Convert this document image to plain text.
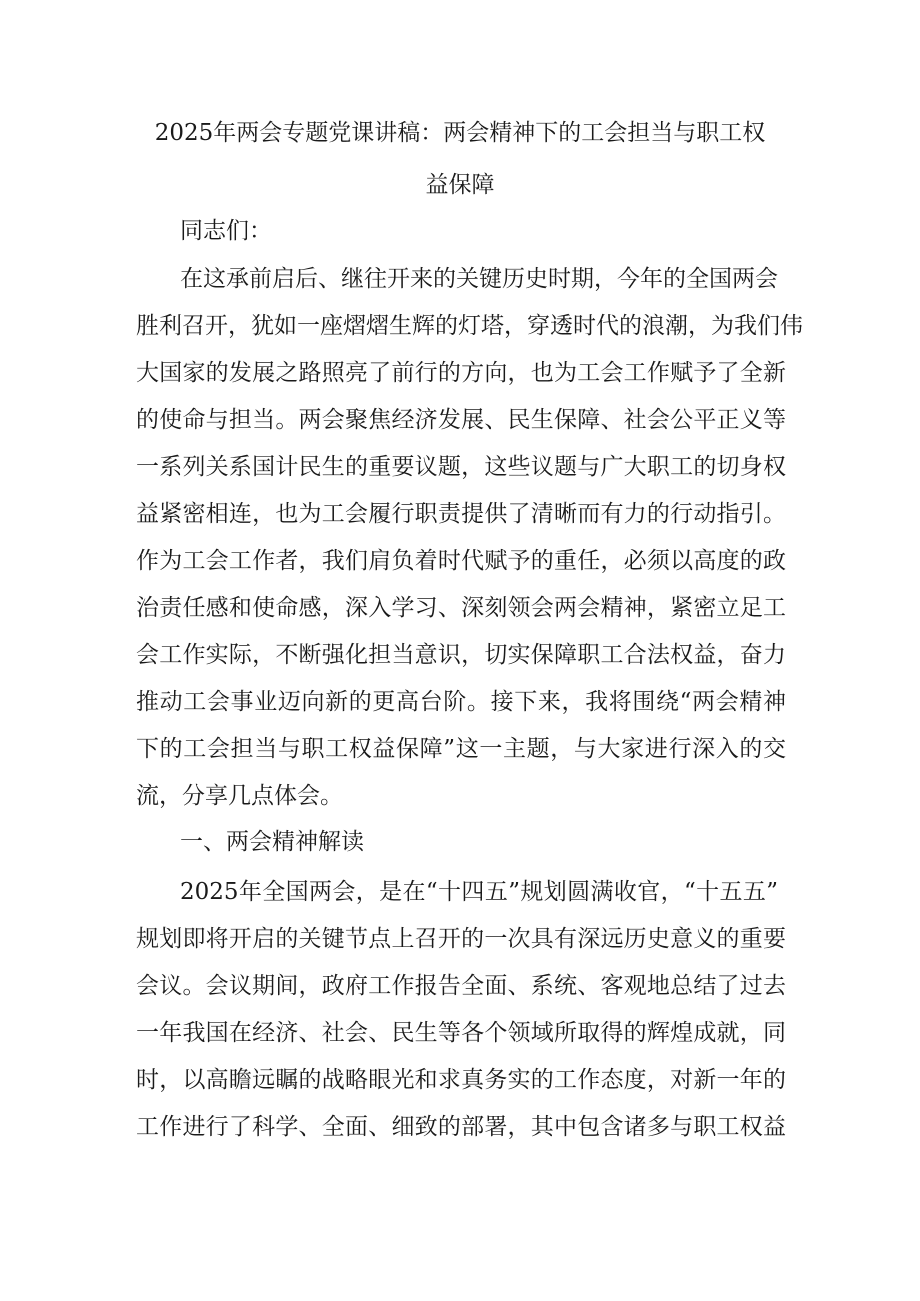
2025年两会专题党课讲稿：两会精神下的工会担当与职工权
益保障
同志们：
在这承前启后、继往开来的关键历史时期，今年的全国两会
胜利召开，犹如一座熠熠生辉的灯塔，穿透时代的浪潮，为我们伟
大国家的发展之路照亮了前行的方向，也为工会工作赋予了全新
的使命与担当。两会聚焦经济发展、民生保障、社会公平正义等
一系列关系国计民生的重要议题，这些议题与广大职工的切身权
益紧密相连，也为工会履行职责提供了清晰而有力的行动指引。
作为工会工作者，我们肩负着时代赋予的重任，必须以高度的政
治责任感和使命感，深入学习、深刻领会两会精神，紧密立足工
会工作实际，不断强化担当意识，切实保障职工合法权益，奋力
推动工会事业迈向新的更高台阶。接下来，我将围绕“两会精神
下的工会担当与职工权益保障”这一主题，与大家进行深入的交
流，分享几点体会。
一、两会精神解读
2025年全国两会，是在“十四五”规划圆满收官，“十五五”
规划即将开启的关键节点上召开的一次具有深远历史意义的重要
会议。会议期间，政府工作报告全面、系统、客观地总结了过去
一年我国在经济、社会、民生等各个领域所取得的辉煌成就，同
时，以高瞻远瞩的战略眼光和求真务实的工作态度，对新一年的
工作进行了科学、全面、细致的部署，其中包含诸多与职工权益
